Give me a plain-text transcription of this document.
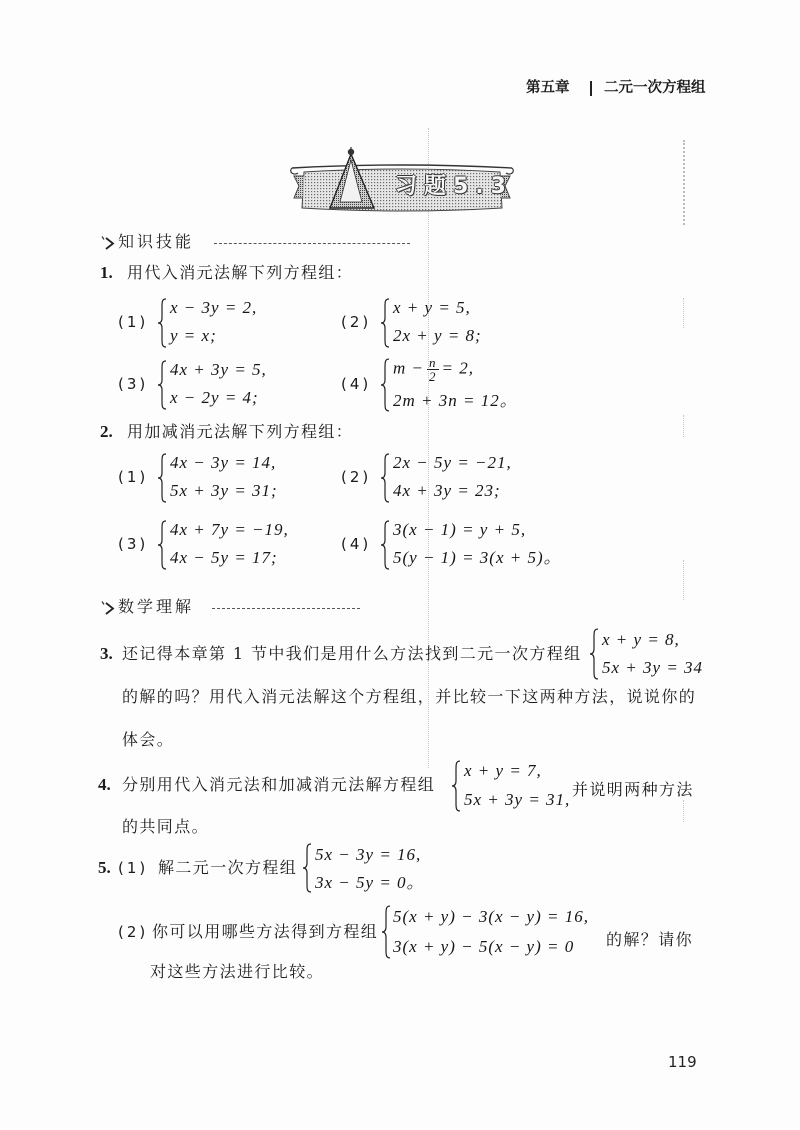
第五章 二元一次方程组
习题5.3
知识技能
1. 用代入消元法解下列方程组：
(1)
x − 3y = 2,
y = x;
(2)
x + y = 5,
2x + y = 8;
(3)
4x + 3y = 5,
x − 2y = 4;
(4)
$m - \frac{n}{2} = 2$,
2m + 3n = 12。
2. 用加减消元法解下列方程组：
(1)
4x − 3y = 14,
5x + 3y = 31;
(2)
2x − 5y = −21,
4x + 3y = 23;
(3)
4x + 7y = −19,
4x − 5y = 17;
(4)
3(x − 1) = y + 5,
5(y − 1) = 3(x + 5)。
数学理解
3. 还记得本章第 1 节中我们是用什么方法找到二元一次方程组
x + y = 8,
5x + 3y = 34
的解的吗？用代入消元法解这个方程组，并比较一下这两种方法，说说你的
体会。
4. 分别用代入消元法和加减消元法解方程组
x + y = 7,
5x + 3y = 31,
并说明两种方法
的共同点。
5. (1) 解二元一次方程组
5x − 3y = 16,
3x − 5y = 0。
(2) 你可以用哪些方法得到方程组
5(x + y) − 3(x − y) = 16,
3(x + y) − 5(x − y) = 0 的解？请你
对这些方法进行比较。
119
